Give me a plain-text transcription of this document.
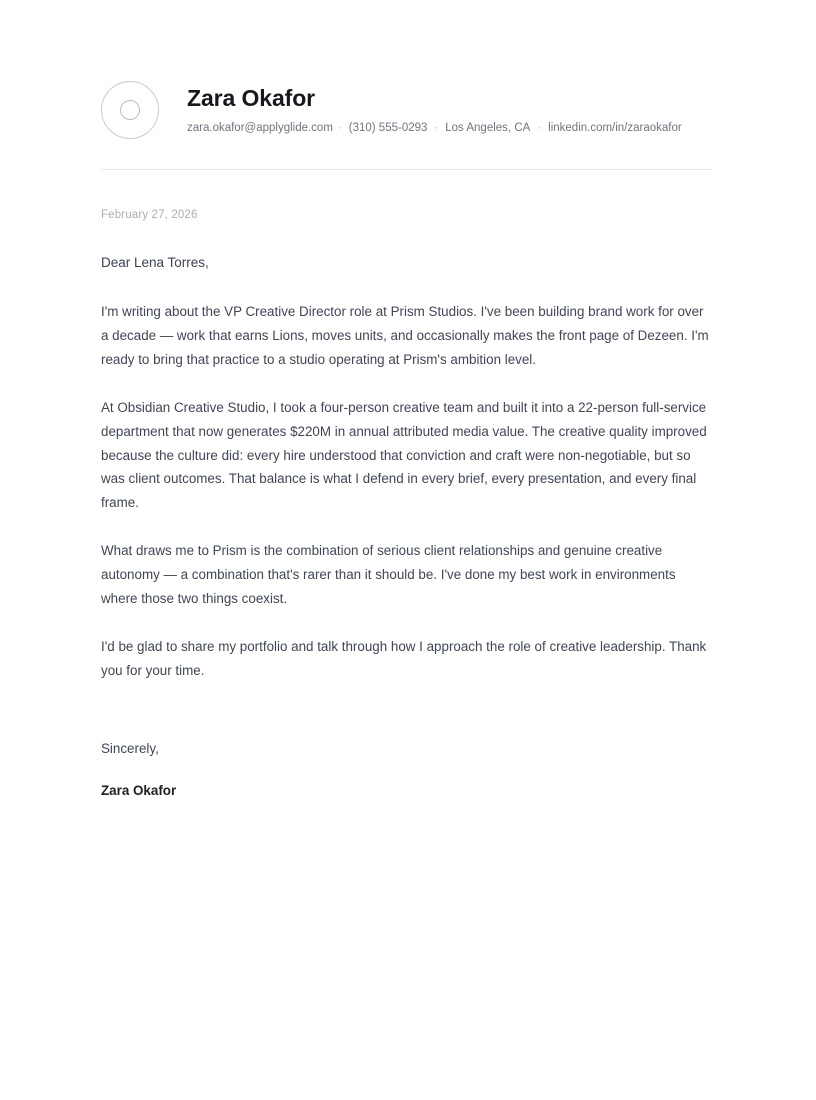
Zara Okafor
zara.okafor@applyglide.com · (310) 555-0293 · Los Angeles, CA · linkedin.com/in/zaraokafor
February 27, 2026
Dear Lena Torres,

I'm writing about the VP Creative Director role at Prism Studios. I've been building brand work for over a decade — work that earns Lions, moves units, and occasionally makes the front page of Dezeen. I'm ready to bring that practice to a studio operating at Prism's ambition level.

At Obsidian Creative Studio, I took a four-person creative team and built it into a 22-person full-service department that now generates $220M in annual attributed media value. The creative quality improved because the culture did: every hire understood that conviction and craft were non-negotiable, but so was client outcomes. That balance is what I defend in every brief, every presentation, and every final frame.

What draws me to Prism is the combination of serious client relationships and genuine creative autonomy — a combination that's rarer than it should be. I've done my best work in environments where those two things coexist.

I'd be glad to share my portfolio and talk through how I approach the role of creative leadership. Thank you for your time.

Sincerely,
Zara Okafor
